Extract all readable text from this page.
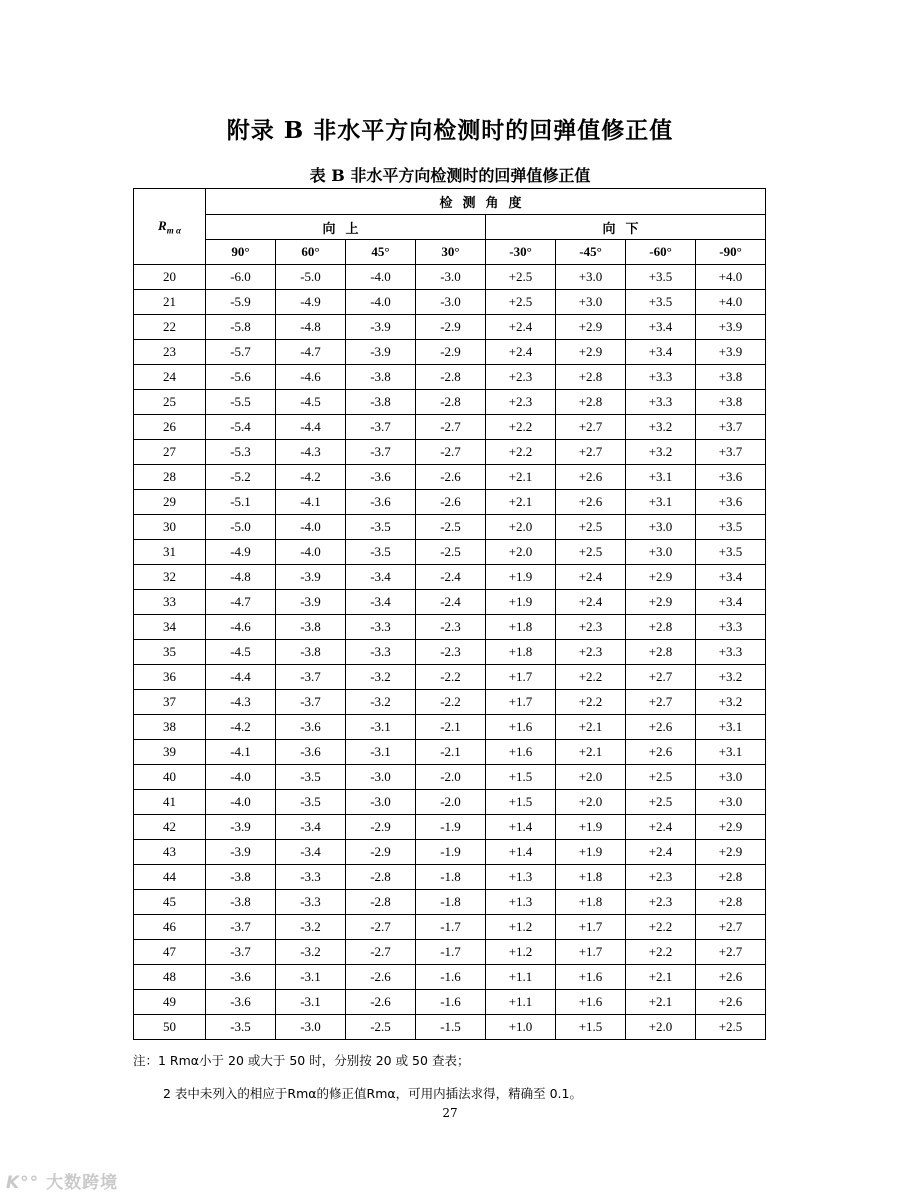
附录 B 非水平方向检测时的回弹值修正值
表 B 非水平方向检测时的回弹值修正值
$R_{m \alpha}$	检测角度							
	向上				向下			
	90°	60°	45°	30°	-30°	-45°	-60°	-90°
20	-6.0	-5.0	-4.0	-3.0	+2.5	+3.0	+3.5	+4.0
21	-5.9	-4.9	-4.0	-3.0	+2.5	+3.0	+3.5	+4.0
22	-5.8	-4.8	-3.9	-2.9	+2.4	+2.9	+3.4	+3.9
23	-5.7	-4.7	-3.9	-2.9	+2.4	+2.9	+3.4	+3.9
24	-5.6	-4.6	-3.8	-2.8	+2.3	+2.8	+3.3	+3.8
25	-5.5	-4.5	-3.8	-2.8	+2.3	+2.8	+3.3	+3.8
26	-5.4	-4.4	-3.7	-2.7	+2.2	+2.7	+3.2	+3.7
27	-5.3	-4.3	-3.7	-2.7	+2.2	+2.7	+3.2	+3.7
28	-5.2	-4.2	-3.6	-2.6	+2.1	+2.6	+3.1	+3.6
29	-5.1	-4.1	-3.6	-2.6	+2.1	+2.6	+3.1	+3.6
30	-5.0	-4.0	-3.5	-2.5	+2.0	+2.5	+3.0	+3.5
31	-4.9	-4.0	-3.5	-2.5	+2.0	+2.5	+3.0	+3.5
32	-4.8	-3.9	-3.4	-2.4	+1.9	+2.4	+2.9	+3.4
33	-4.7	-3.9	-3.4	-2.4	+1.9	+2.4	+2.9	+3.4
34	-4.6	-3.8	-3.3	-2.3	+1.8	+2.3	+2.8	+3.3
35	-4.5	-3.8	-3.3	-2.3	+1.8	+2.3	+2.8	+3.3
36	-4.4	-3.7	-3.2	-2.2	+1.7	+2.2	+2.7	+3.2
37	-4.3	-3.7	-3.2	-2.2	+1.7	+2.2	+2.7	+3.2
38	-4.2	-3.6	-3.1	-2.1	+1.6	+2.1	+2.6	+3.1
39	-4.1	-3.6	-3.1	-2.1	+1.6	+2.1	+2.6	+3.1
40	-4.0	-3.5	-3.0	-2.0	+1.5	+2.0	+2.5	+3.0
41	-4.0	-3.5	-3.0	-2.0	+1.5	+2.0	+2.5	+3.0
42	-3.9	-3.4	-2.9	-1.9	+1.4	+1.9	+2.4	+2.9
43	-3.9	-3.4	-2.9	-1.9	+1.4	+1.9	+2.4	+2.9
44	-3.8	-3.3	-2.8	-1.8	+1.3	+1.8	+2.3	+2.8
45	-3.8	-3.3	-2.8	-1.8	+1.3	+1.8	+2.3	+2.8
46	-3.7	-3.2	-2.7	-1.7	+1.2	+1.7	+2.2	+2.7
47	-3.7	-3.2	-2.7	-1.7	+1.2	+1.7	+2.2	+2.7
48	-3.6	-3.1	-2.6	-1.6	+1.1	+1.6	+2.1	+2.6
49	-3.6	-3.1	-2.6	-1.6	+1.1	+1.6	+2.1	+2.6
50	-3.5	-3.0	-2.5	-1.5	+1.0	+1.5	+2.0	+2.5
注：1 Rmα小于 20 或大于 50 时，分别按 20 或 50 查表；
2 表中未列入的相应于Rmα的修正值Rmα，可用内插法求得，精确至 0.1。
27
K°° 大数跨境
